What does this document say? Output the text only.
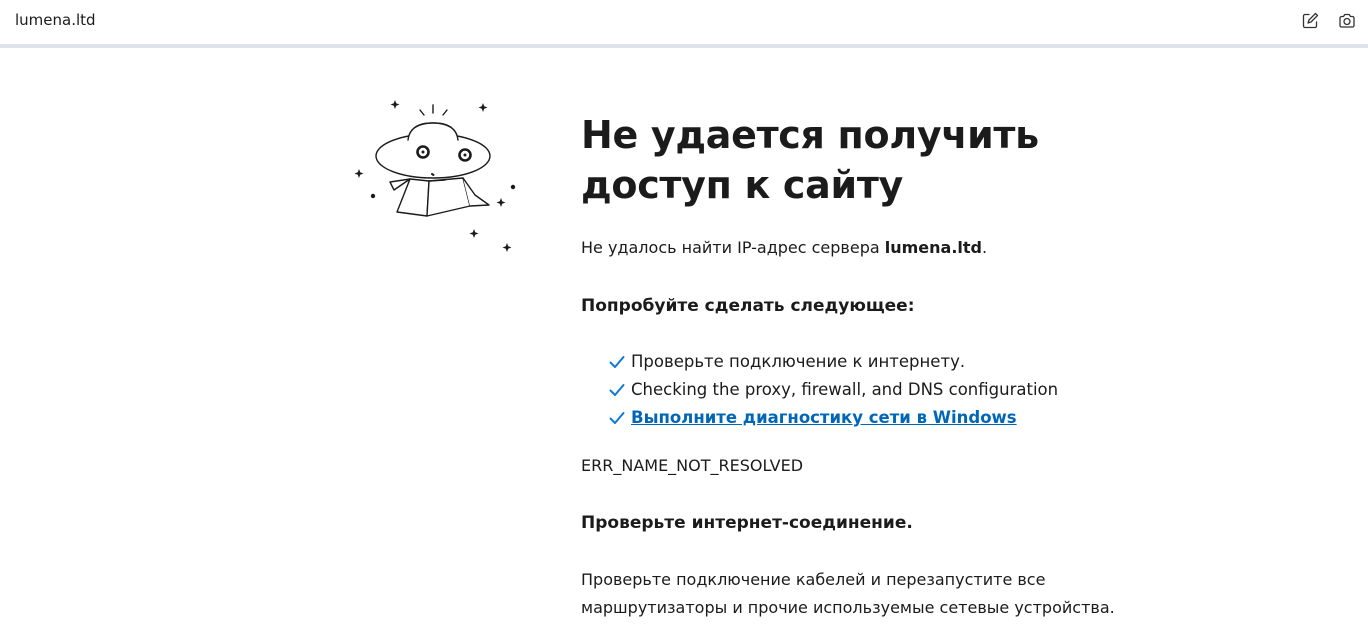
lumena.ltd
Не удается получить
доступ к сайту
Не удалось найти IP-адрес сервера lumena.ltd.
Попробуйте сделать следующее:
Проверьте подключение к интернету.
Checking the proxy, firewall, and DNS configuration
Выполните диагностику сети в Windows
ERR_NAME_NOT_RESOLVED
Проверьте интернет-соединение.
Проверьте подключение кабелей и перезапустите все
маршрутизаторы и прочие используемые сетевые устройства.
